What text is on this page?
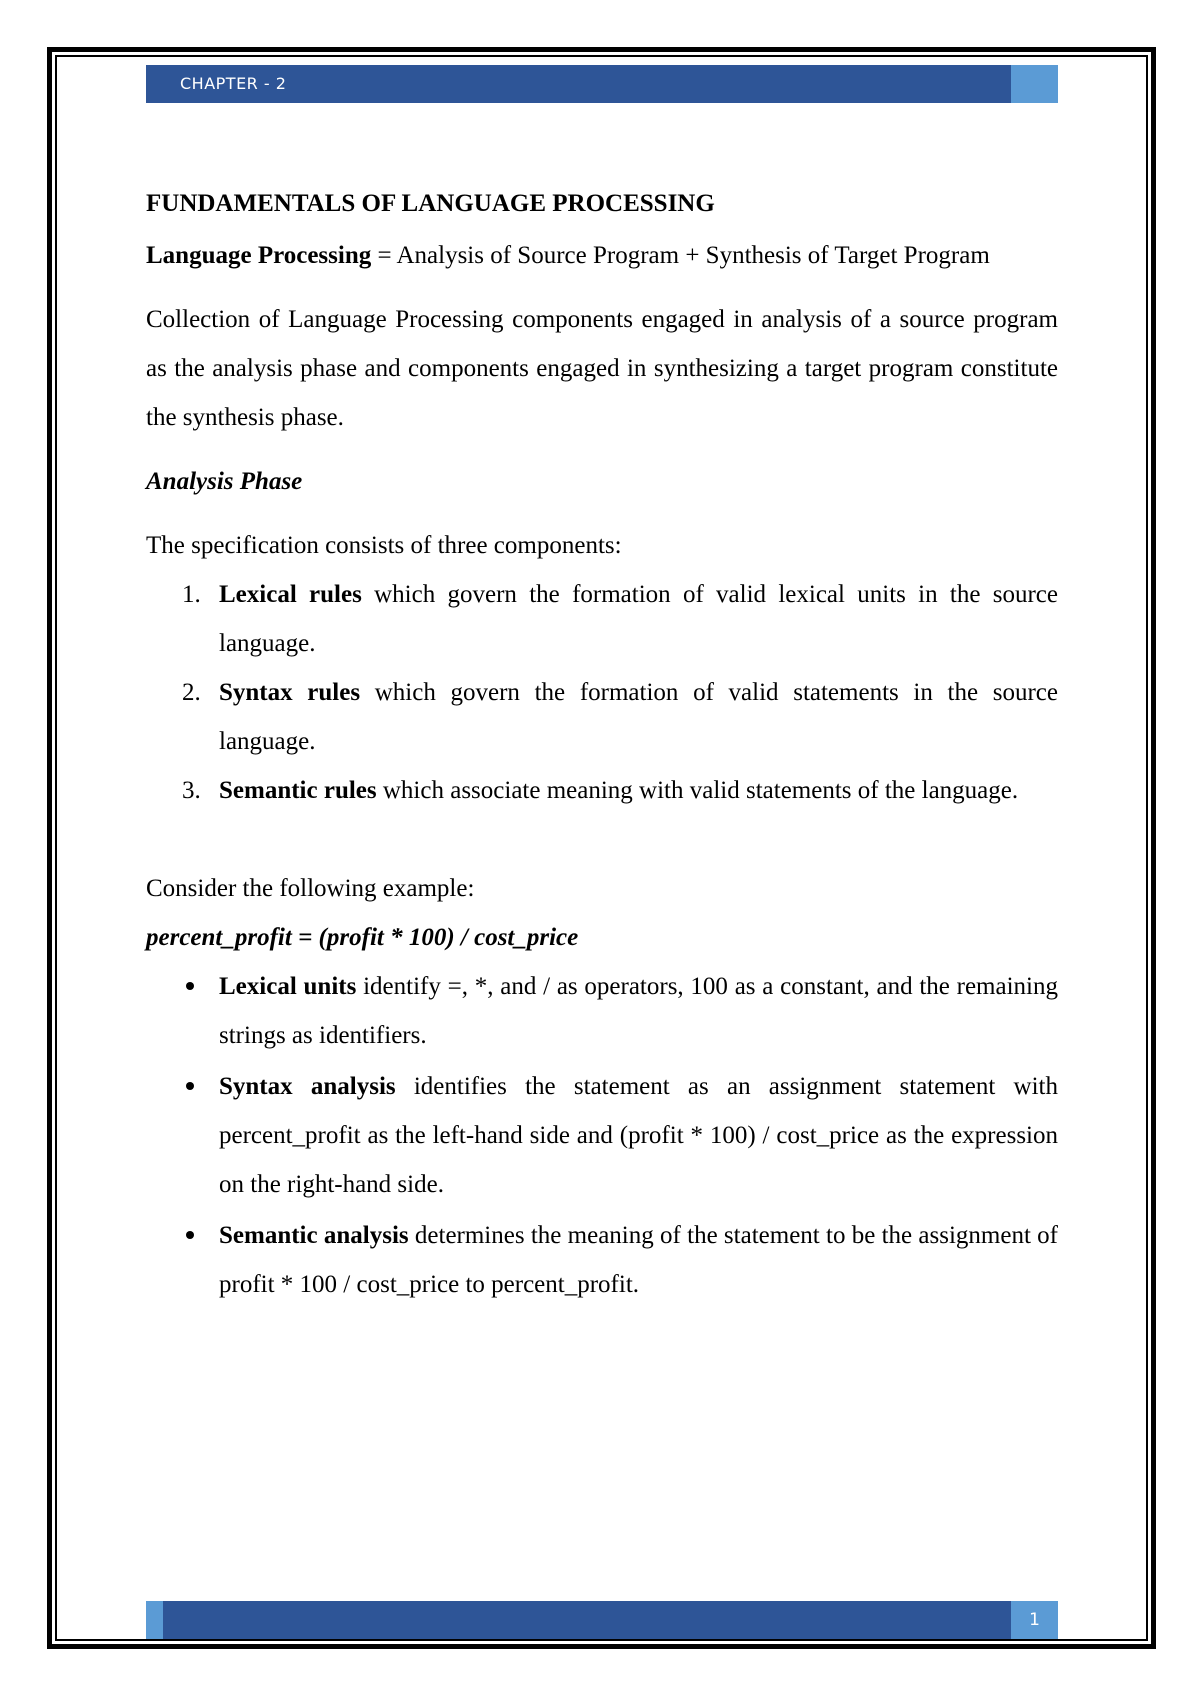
CHAPTER - 2

FUNDAMENTALS OF LANGUAGE PROCESSING

Language Processing = Analysis of Source Program + Synthesis of Target Program

Collection of Language Processing components engaged in analysis of a source program as the analysis phase and components engaged in synthesizing a target program constitute the synthesis phase.

Analysis Phase

The specification consists of three components:

1. Lexical rules which govern the formation of valid lexical units in the source language.
2. Syntax rules which govern the formation of valid statements in the source language.
3. Semantic rules which associate meaning with valid statements of the language.

Consider the following example:

percent_profit = (profit * 100) / cost_price

Lexical units identify =, *, and / as operators, 100 as a constant, and the remaining strings as identifiers.
Syntax analysis identifies the statement as an assignment statement with percent_profit as the left-hand side and (profit * 100) / cost_price as the expression on the right-hand side.
Semantic analysis determines the meaning of the statement to be the assignment of profit * 100 / cost_price to percent_profit.
1
